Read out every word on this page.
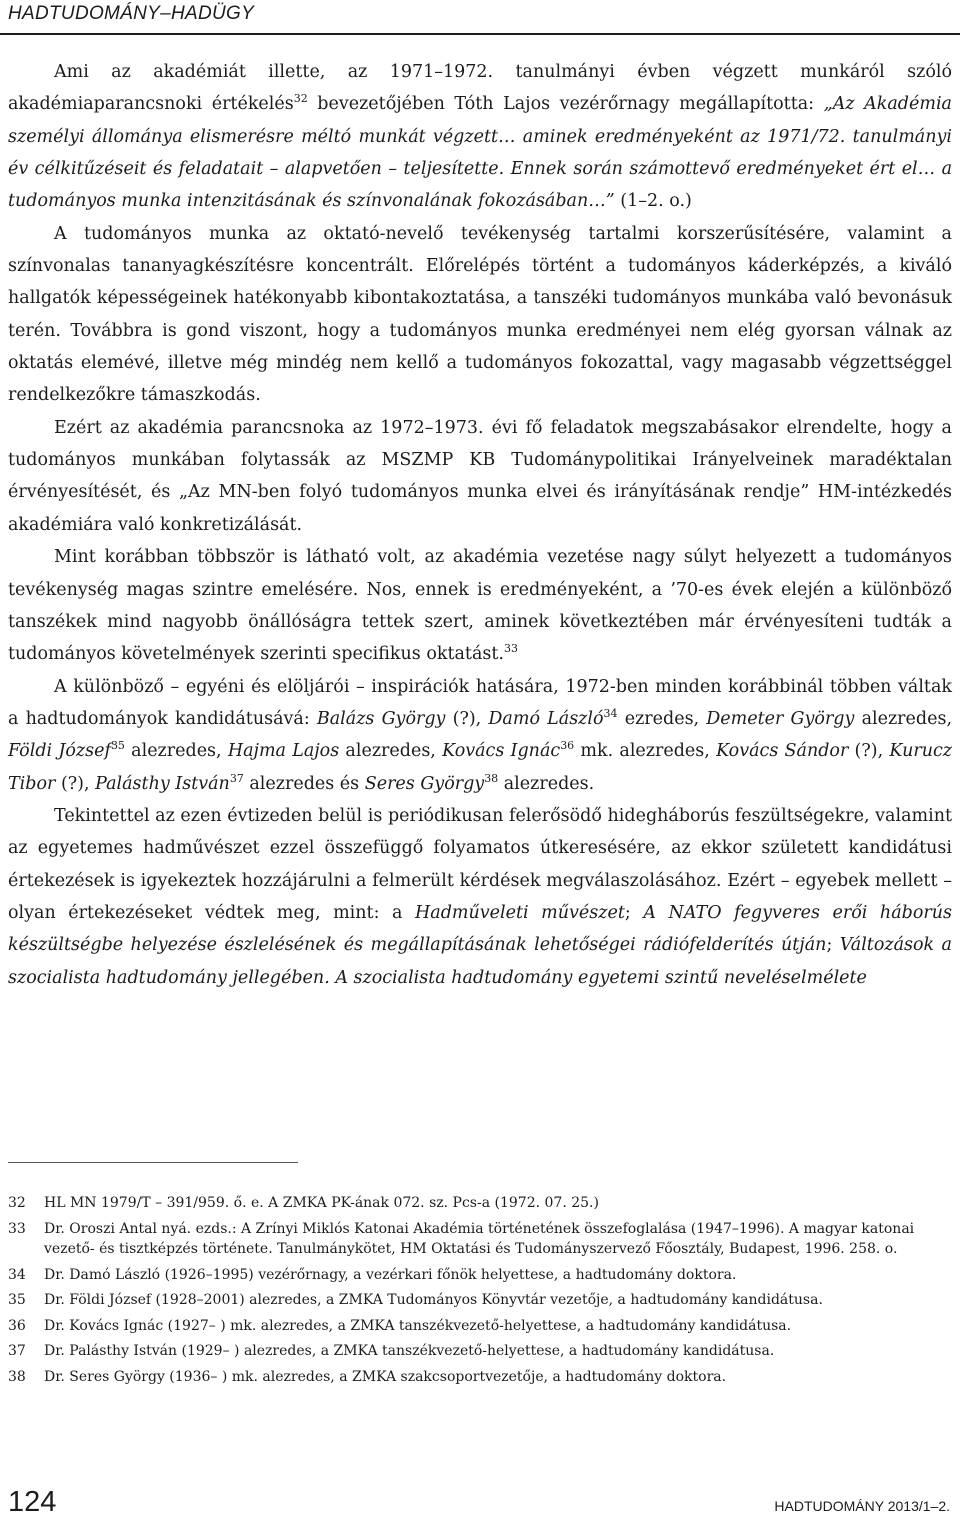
HADTUDOMÁNY–HADÜGY

Ami az akadémiát illette, az 1971–1972. tanulmányi évben végzett munkáról szóló akadémiaparancsnoki értékelés$^{32}$ bevezetőjében Tóth Lajos vezérőrnagy megállapította: „Az Akadémia személyi állománya elismerésre méltó munkát végzett… aminek eredményeként az 1971/72. tanulmányi év célkitűzéseit és feladatait – alapvetően – teljesítette. Ennek során számottevő eredményeket ért el… a tudományos munka intenzitásának és színvonalának fokozásában…” (1–2. o.)

A tudományos munka az oktató-nevelő tevékenység tartalmi korszerűsítésére, valamint a színvonalas tananyagkészítésre koncentrált. Előrelépés történt a tudományos káderképzés, a kiváló hallgatók képességeinek hatékonyabb kibontakoztatása, a tanszéki tudományos munkába való bevonásuk terén. Továbbra is gond viszont, hogy a tudományos munka eredményei nem elég gyorsan válnak az oktatás elemévé, illetve még mindég nem kellő a tudományos fokozattal, vagy magasabb végzettséggel rendelkezőkre támaszkodás.

Ezért az akadémia parancsnoka az 1972–1973. évi fő feladatok megszabásakor elrendelte, hogy a tudományos munkában folytassák az MSZMP KB Tudománypolitikai Irányelveinek maradéktalan érvényesítését, és „Az MN-ben folyó tudományos munka elvei és irányításának rendje” HM-intézkedés akadémiára való konkretizálását.

Mint korábban többször is látható volt, az akadémia vezetése nagy súlyt helyezett a tudományos tevékenység magas szintre emelésére. Nos, ennek is eredményeként, a ’70-es évek elején a különböző tanszékek mind nagyobb önállóságra tettek szert, aminek következtében már érvényesíteni tudták a tudományos követelmények szerinti specifikus oktatást.$^{33}$

A különböző – egyéni és elöljárói – inspirációk hatására, 1972-ben minden korábbinál többen váltak a hadtudományok kandidátusává: Balázs György (?), Damó László$^{34}$ ezredes, Demeter György alezredes, Földi József$^{35}$ alezredes, Hajma Lajos alezredes, Kovács Ignác$^{36}$ mk. alezredes, Kovács Sándor (?), Kurucz Tibor (?), Palásthy István$^{37}$ alezredes és Seres György$^{38}$ alezredes.

Tekintettel az ezen évtizeden belül is periódikusan felerősödő hidegháborús feszültségekre, valamint az egyetemes hadművészet ezzel összefüggő folyamatos útkeresésére, az ekkor született kandidátusi értekezések is igyekeztek hozzájárulni a felmerült kérdések megválaszolásához. Ezért – egyebek mellett – olyan értekezéseket védtek meg, mint: a Hadműveleti művészet; A NATO fegyveres erői háborús készültségbe helyezése észlelésének és megállapításának lehetőségei rádiófelderítés útján; Változások a szocialista hadtudomány jellegében. A szocialista hadtudomány egyetemi szintű neveléselmélete

32 HL MN 1979/T – 391/959. ő. e. A ZMKA PK-ának 072. sz. Pcs-a (1972. 07. 25.)
33 Dr. Oroszi Antal nyá. ezds.: A Zrínyi Miklós Katonai Akadémia történetének összefoglalása (1947–1996). A magyar katonai vezető- és tisztképzés története. Tanulmánykötet, HM Oktatási és Tudományszervező Főosztály, Budapest, 1996. 258. o.
34 Dr. Damó László (1926–1995) vezérőrnagy, a vezérkari főnök helyettese, a hadtudomány doktora.
35 Dr. Földi József (1928–2001) alezredes, a ZMKA Tudományos Könyvtár vezetője, a hadtudomány kandidátusa.
36 Dr. Kovács Ignác (1927– ) mk. alezredes, a ZMKA tanszékvezető-helyettese, a hadtudomány kandidátusa.
37 Dr. Palásthy István (1929– ) alezredes, a ZMKA tanszékvezető-helyettese, a hadtudomány kandidátusa.
38 Dr. Seres György (1936– ) mk. alezredes, a ZMKA szakcsoportvezetője, a hadtudomány doktora.
124	HADTUDOMÁNY 2013/1–2.
